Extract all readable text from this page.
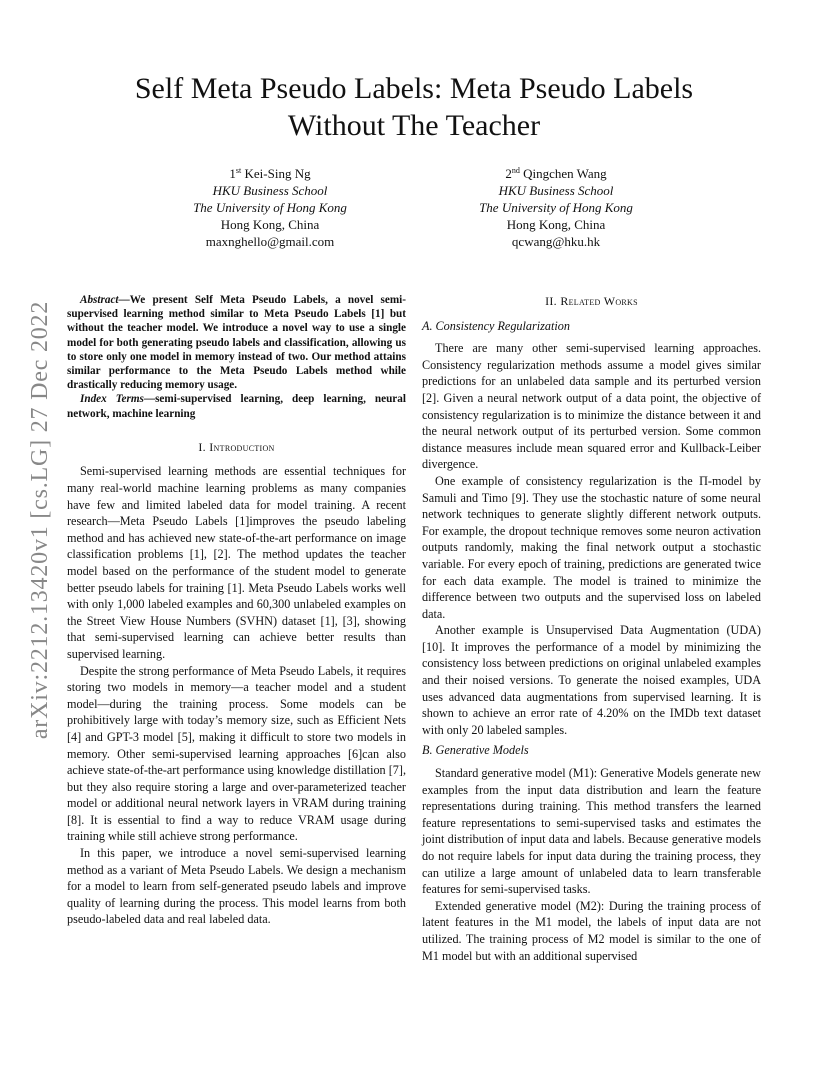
arXiv:2212.13420v1 [cs.LG] 27 Dec 2022
Self Meta Pseudo Labels: Meta Pseudo Labels
Without The Teacher
1st Kei-Sing Ng
HKU Business School
The University of Hong Kong
Hong Kong, China
maxnghello@gmail.com
2nd Qingchen Wang
HKU Business School
The University of Hong Kong
Hong Kong, China
qcwang@hku.hk

Abstract—We present Self Meta Pseudo Labels, a novel semi-supervised learning method similar to Meta Pseudo Labels [1] but without the teacher model. We introduce a novel way to use a single model for both generating pseudo labels and classification, allowing us to store only one model in memory instead of two. Our method attains similar performance to the Meta Pseudo Labels method while drastically reducing memory usage.

Index Terms—semi-supervised learning, deep learning, neural network, machine learning

I. Introduction

Semi-supervised learning methods are essential techniques for many real-world machine learning problems as many companies have few and limited labeled data for model training. A recent research—Meta Pseudo Labels [1]improves the pseudo labeling method and has achieved new state-of-the-art performance on image classification problems [1], [2]. The method updates the teacher model based on the performance of the student model to generate better pseudo labels for training [1]. Meta Pseudo Labels works well with only 1,000 labeled examples and 60,300 unlabeled examples on the Street View House Numbers (SVHN) dataset [1], [3], showing that semi-supervised learning can achieve better results than supervised learning.

Despite the strong performance of Meta Pseudo Labels, it requires storing two models in memory—a teacher model and a student model—during the training process. Some models can be prohibitively large with today’s memory size, such as Efficient Nets [4] and GPT-3 model [5], making it difficult to store two models in memory. Other semi-supervised learning approaches [6]can also achieve state-of-the-art performance using knowledge distillation [7], but they also require storing a large and over-parameterized teacher model or additional neural network layers in VRAM during training [8]. It is essential to find a way to reduce VRAM usage during training while still achieve strong performance.

In this paper, we introduce a novel semi-supervised learning method as a variant of Meta Pseudo Labels. We design a mechanism for a model to learn from self-generated pseudo labels and improve quality of learning during the process. This model learns from both pseudo-labeled data and real labeled data.

II. Related Works
A. Consistency Regularization

There are many other semi-supervised learning approaches. Consistency regularization methods assume a model gives similar predictions for an unlabeled data sample and its perturbed version [2]. Given a neural network output of a data point, the objective of consistency regularization is to minimize the distance between it and the neural network output of its perturbed version. Some common distance measures include mean squared error and Kullback-Leiber divergence.

One example of consistency regularization is the Π-model by Samuli and Timo [9]. They use the stochastic nature of some neural network techniques to generate slightly different network outputs. For example, the dropout technique removes some neuron activation outputs randomly, making the final network output a stochastic variable. For every epoch of training, predictions are generated twice for each data example. The model is trained to minimize the difference between two outputs and the supervised loss on labeled data.

Another example is Unsupervised Data Augmentation (UDA) [10]. It improves the performance of a model by minimizing the consistency loss between predictions on original unlabeled examples and their noised versions. To generate the noised examples, UDA uses advanced data augmentations from supervised learning. It is shown to achieve an error rate of 4.20% on the IMDb text dataset with only 20 labeled samples.

B. Generative Models

Standard generative model (M1): Generative Models generate new examples from the input data distribution and learn the feature representations during training. This method transfers the learned feature representations to semi-supervised tasks and estimates the joint distribution of input data and labels. Because generative models do not require labels for input data during the training process, they can utilize a large amount of unlabeled data to learn transferable features for semi-supervised tasks.

Extended generative model (M2): During the training process of latent features in the M1 model, the labels of input data are not utilized. The training process of M2 model is similar to the one of M1 model but with an additional supervised
